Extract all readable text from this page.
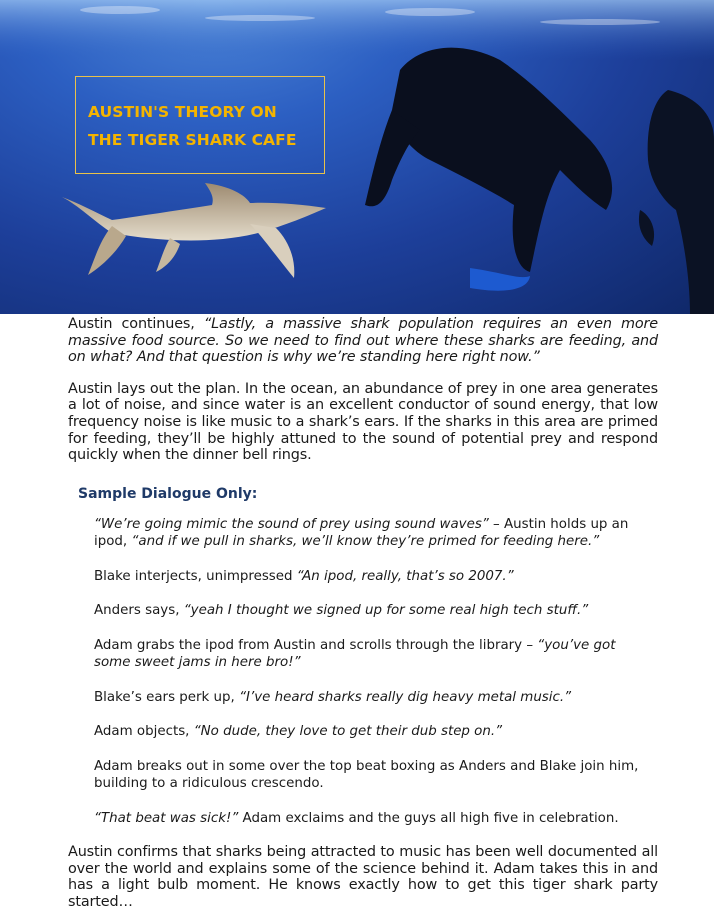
AUSTIN'S THEORY ON
THE TIGER SHARK CAFE

Austin continues, “Lastly, a massive shark population requires an even more massive food source. So we need to find out where these sharks are feeding, and on what? And that question is why we’re standing here right now.”

Austin lays out the plan. In the ocean, an abundance of prey in one area generates a lot of noise, and since water is an excellent conductor of sound energy, that low frequency noise is like music to a shark’s ears. If the sharks in this area are primed for feeding, they’ll be highly attuned to the sound of potential prey and respond quickly when the dinner bell rings.

Sample Dialogue Only:

“We’re going mimic the sound of prey using sound waves” – Austin holds up an ipod, “and if we pull in sharks, we’ll know they’re primed for feeding here.”

Blake interjects, unimpressed “An ipod, really, that’s so 2007.”

Anders says, “yeah I thought we signed up for some real high tech stuff.”

Adam grabs the ipod from Austin and scrolls through the library – “you’ve got some sweet jams in here bro!”

Blake’s ears perk up, “I’ve heard sharks really dig heavy metal music.”

Adam objects, “No dude, they love to get their dub step on.”

Adam breaks out in some over the top beat boxing as Anders and Blake join him, building to a ridiculous crescendo.

“That beat was sick!” Adam exclaims and the guys all high five in celebration.

Austin confirms that sharks being attracted to music has been well documented all over the world and explains some of the science behind it. Adam takes this in and has a light bulb moment. He knows exactly how to get this tiger shark party started…
